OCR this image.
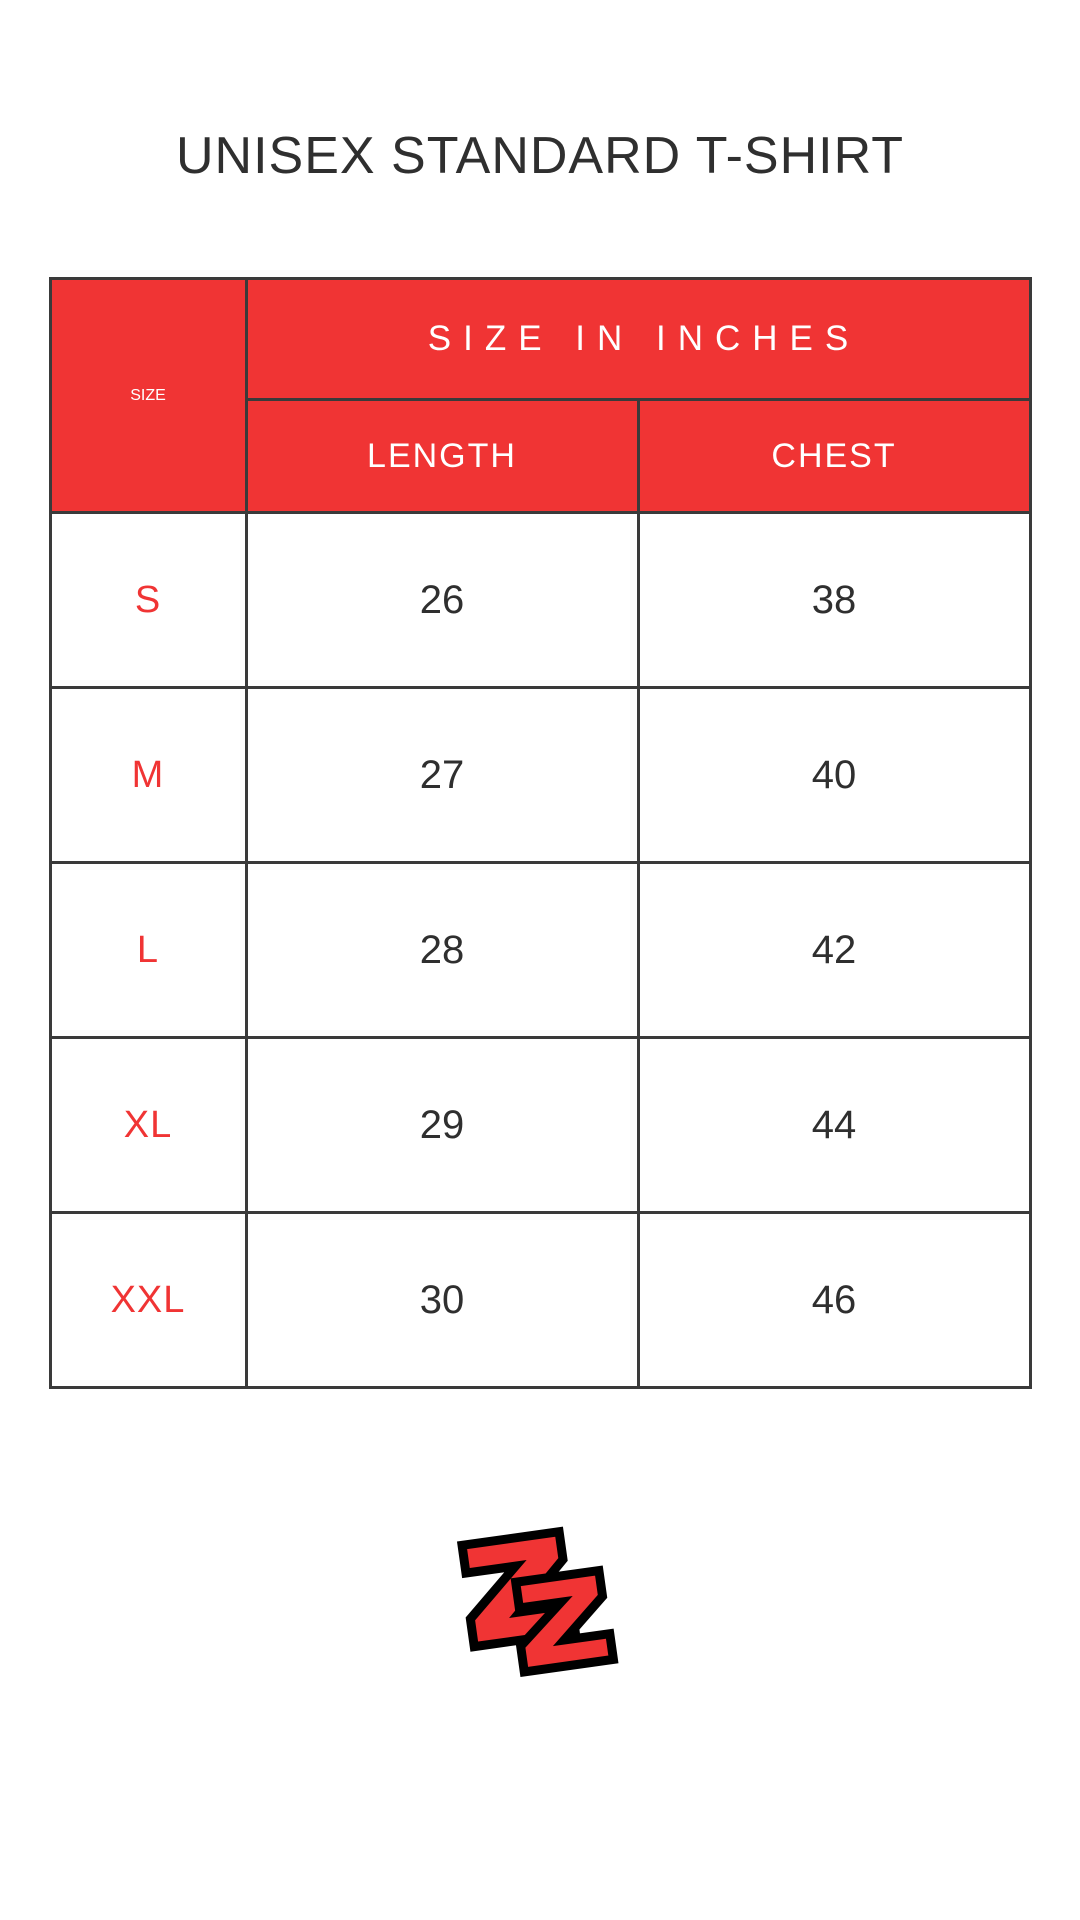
UNISEX STANDARD T-SHIRT
SIZE	SIZE IN INCHES	
	LENGTH	CHEST
S	26	38
M	27	40
L	28	42
XL	29	44
XXL	30	46
